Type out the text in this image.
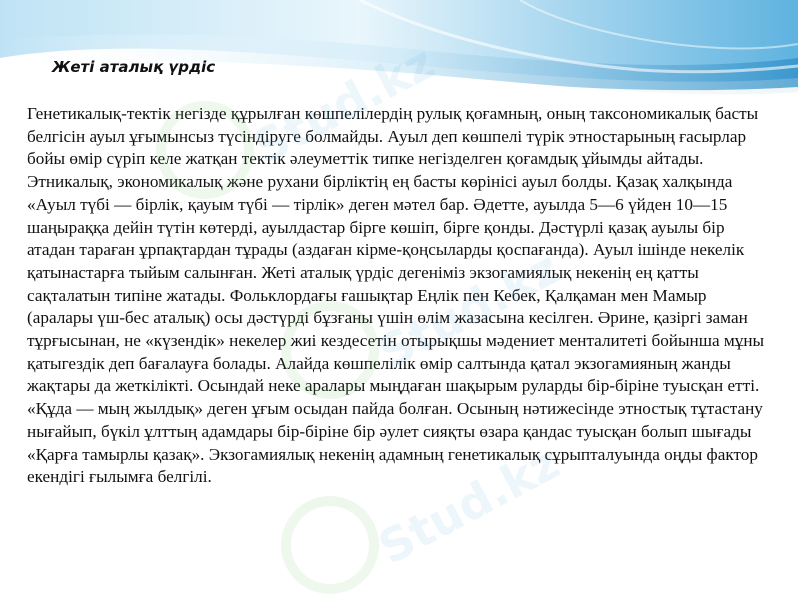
Жеті аталық үрдіс

Генетикалық-тектік негізде құрылған көшпелілердің рулық қоғамның, оның таксономикалық басты белгісін ауыл ұғымынсыз түсіндіруге болмайды. Ауыл деп көшпелі түрік этностарының ғасырлар бойы өмір сүріп келе жатқан тектік әлеуметтік типке негізделген қоғамдық ұйымды айтады. Этникалық, экономикалық және рухани бірліктің ең басты көрінісі ауыл болды. Қазақ халқында «Ауыл түбі — бірлік, қауым түбі — тірлік» деген мәтел бар. Әдетте, ауылда 5—6 үйден 10—15 шаңыраққа дейін түтін көтерді, ауылдастар бірге көшіп, бірге қонды. Дәстүрлі қазақ ауылы бір атадан тараған ұрпақтардан тұрады (аздаған кірме-қоңсыларды қоспағанда). Ауыл ішінде некелік қатынастарға тыйым салынған. Жеті аталық үрдіс дегеніміз экзогамиялық некенің ең қатты сақталатын типіне жатады. Фольклордағы ғашықтар Еңлік пен Кебек, Қалқаман мен Мамыр (аралары үш-бес аталық) осы дәстүрді бұзғаны үшін өлім жазасына кесілген. Әрине, қазіргі заман тұрғысынан, не «күзендік» некелер жиі кездесетін отырықшы мәдениет менталитеті бойынша мұны қатыгездік деп бағалауға болады. Алайда көшпелілік өмір салтында қатал экзогамияның жанды жақтары да жеткілікті. Осындай неке аралары мыңдаған шақырым руларды бір-біріне туысқан етті. «Құда — мың жылдық» деген ұғым осыдан пайда болған. Осының нәтижесінде этностық тұтастану нығайып, бүкіл ұлттың адамдары бір-біріне бір әулет сияқты өзара қандас туысқан болып шығады «Қарға тамырлы қазақ». Экзогамиялық некенің адамның генетикалық сұрыпталуында оңды фактор екендігі ғылымға белгілі.

Stud.kz
Stud.kz
